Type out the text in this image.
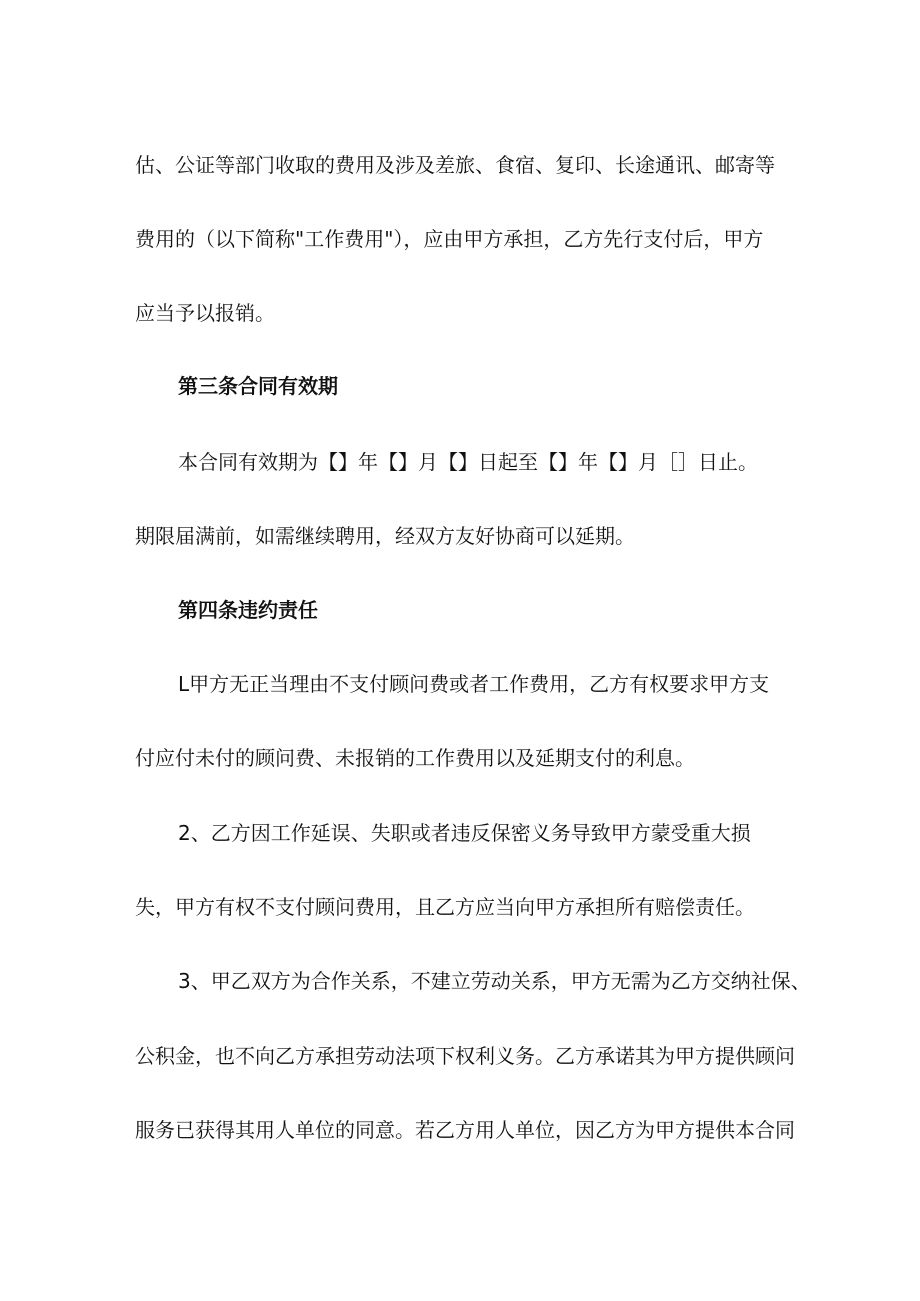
估、公证等部门收取的费用及涉及差旅、食宿、复印、长途通讯、邮寄等
费用的（以下简称"工作费用"），应由甲方承担，乙方先行支付后，甲方
应当予以报销。
第三条合同有效期
本合同有效期为【】年【】月【】日起至【】年【】月［］日止。
期限届满前，如需继续聘用，经双方友好协商可以延期。
第四条违约责任
L甲方无正当理由不支付顾问费或者工作费用，乙方有权要求甲方支
付应付未付的顾问费、未报销的工作费用以及延期支付的利息。
2、乙方因工作延误、失职或者违反保密义务导致甲方蒙受重大损
失，甲方有权不支付顾问费用，且乙方应当向甲方承担所有赔偿责任。
3、甲乙双方为合作关系，不建立劳动关系，甲方无需为乙方交纳社保、
公积金，也不向乙方承担劳动法项下权利义务。乙方承诺其为甲方提供顾问
服务已获得其用人单位的同意。若乙方用人单位，因乙方为甲方提供本合同
